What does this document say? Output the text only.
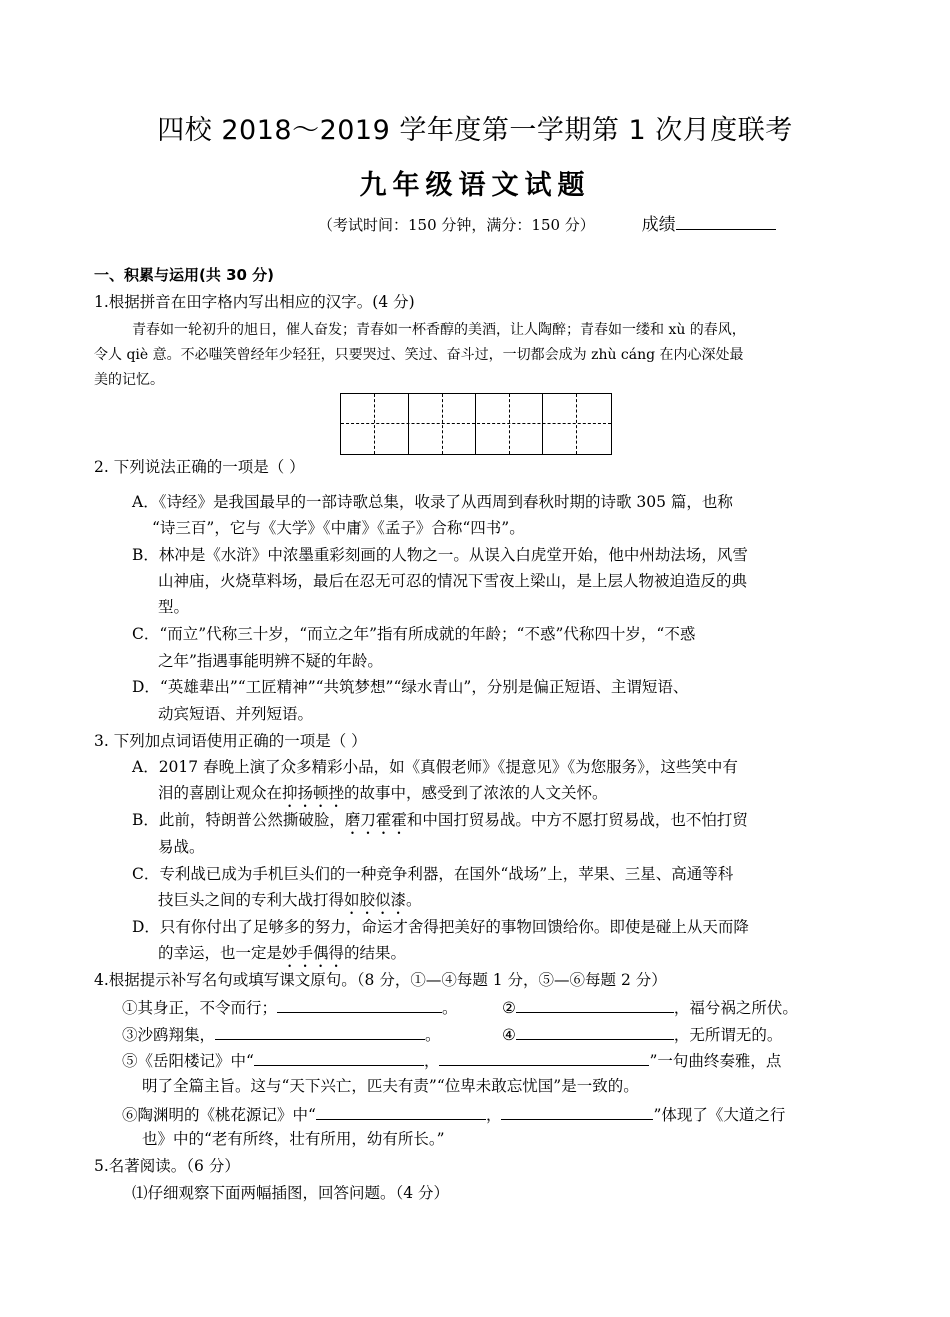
四校 2018～2019 学年度第一学期第 1 次月度联考
九年级语文试题
（考试时间：150 分钟，满分：150 分）	成绩
一、积累与运用(共 30 分)
1.根据拼音在田字格内写出相应的汉字。(4 分)
青春如一轮初升的旭日，催人奋发；青春如一杯香醇的美酒，让人陶醉；青春如一缕和 xù 的春风，
令人 qiè 意。不必嗤笑曾经年少轻狂，只要哭过、笑过、奋斗过，一切都会成为 zhù cáng 在内心深处最
美的记忆。
2. 下列说法正确的一项是（ ）
A．《诗经》是我国最早的一部诗歌总集，收录了从西周到春秋时期的诗歌 305 篇，也称
“诗三百”，它与《大学》《中庸》《孟子》合称“四书”。
B．林冲是《水浒》中浓墨重彩刻画的人物之一。从误入白虎堂开始，他中州劫法场，风雪
山神庙，火烧草料场，最后在忍无可忍的情况下雪夜上梁山，是上层人物被迫造反的典
型。
C．“而立”代称三十岁，“而立之年”指有所成就的年龄；“不惑”代称四十岁，“不惑
之年”指遇事能明辨不疑的年龄。
D．“英雄辈出”“工匠精神”“共筑梦想”“绿水青山”，分别是偏正短语、主谓短语、
动宾短语、并列短语。
3. 下列加点词语使用正确的一项是（ ）
A．2017 春晚上演了众多精彩小品，如《真假老师》《提意见》《为您服务》，这些笑中有
泪的喜剧让观众在抑扬顿挫的故事中，感受到了浓浓的人文关怀。
B．此前，特朗普公然撕破脸，磨刀霍霍和中国打贸易战。中方不愿打贸易战，也不怕打贸
易战。
C．专利战已成为手机巨头们的一种竞争利器，在国外“战场”上，苹果、三星、高通等科
技巨头之间的专利大战打得如胶似漆。
D．只有你付出了足够多的努力，命运才舍得把美好的事物回馈给你。即使是碰上从天而降
的幸运，也一定是妙手偶得的结果。
4.根据提示补写名句或填写课文原句。（8 分，①—④每题 1 分，⑤—⑥每题 2 分）
①其身正，不令而行；	。	②	，福兮祸之所伏。
③沙鸥翔集，	。	④	，无所谓无的。
⑤《岳阳楼记》中“	，	”一句曲终奏雅，点
明了全篇主旨。这与“天下兴亡，匹夫有责”“位卑未敢忘忧国”是一致的。
⑥陶渊明的《桃花源记》中“	，	”体现了《大道之行
也》中的“老有所终，壮有所用，幼有所长。”
5.名著阅读。（6 分）
⑴仔细观察下面两幅插图，回答问题。（4 分）
